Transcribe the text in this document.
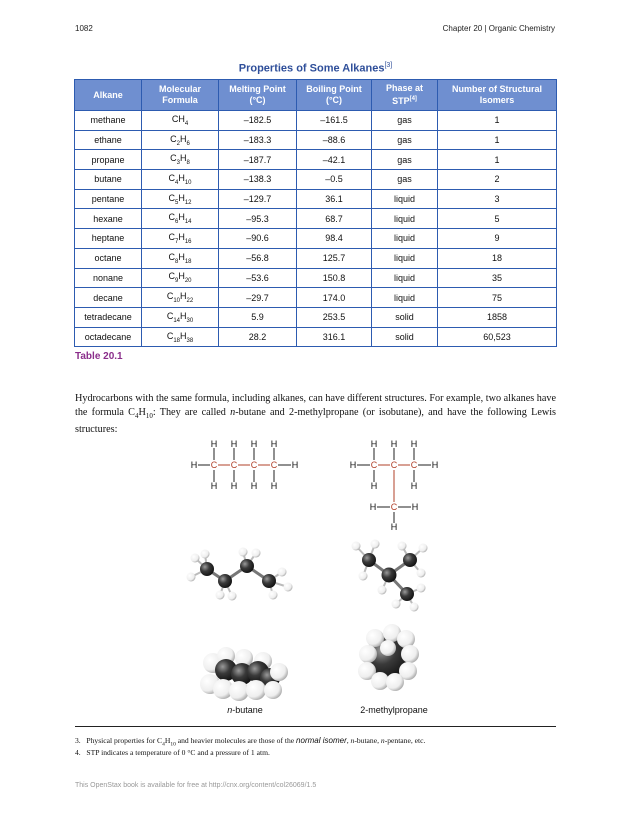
1082	Chapter 20 | Organic Chemistry
Properties of Some Alkanes[3]
Alkane	Molecular Formula	Melting Point (°C)	Boiling Point (°C)	Phase at STP[4]	Number of Structural Isomers
methane	$CH_4$	–182.5	–161.5	gas	1
ethane	$C_2H_6$	–183.3	–88.6	gas	1
propane	$C_3H_8$	–187.7	–42.1	gas	1
butane	$C_4H_{10}$	–138.3	–0.5	gas	2
pentane	$C_5H_{12}$	–129.7	36.1	liquid	3
hexane	$C_6H_{14}$	–95.3	68.7	liquid	5
heptane	$C_7H_{16}$	–90.6	98.4	liquid	9
octane	$C_8H_{18}$	–56.8	125.7	liquid	18
nonane	$C_9H_{20}$	–53.6	150.8	liquid	35
decane	$C_{10}H_{22}$	–29.7	174.0	liquid	75
tetradecane	$C_{14}H_{30}$	5.9	253.5	solid	1858
octadecane	$C_{18}H_{38}$	28.2	316.1	solid	60,523
Table 20.1
Hydrocarbons with the same formula, including alkanes, can have different structures. For example, two alkanes have the formula $C_4H_{10}$: They are called n-butane and 2-methylpropane (or isobutane), and have the following Lewis structures:
H	H
C
H
H
C
H
H
C
H
H
C
H
H
H	H
C
H
H
C
H
C
H
H
C
H	H
H
n-butane	2-methylpropane
3. Physical properties for $C_4H_{10}$ and heavier molecules are those of the normal isomer, n-butane, n-pentane, etc.
4. STP indicates a temperature of 0 °C and a pressure of 1 atm.
This OpenStax book is available for free at http://cnx.org/content/col26069/1.5
